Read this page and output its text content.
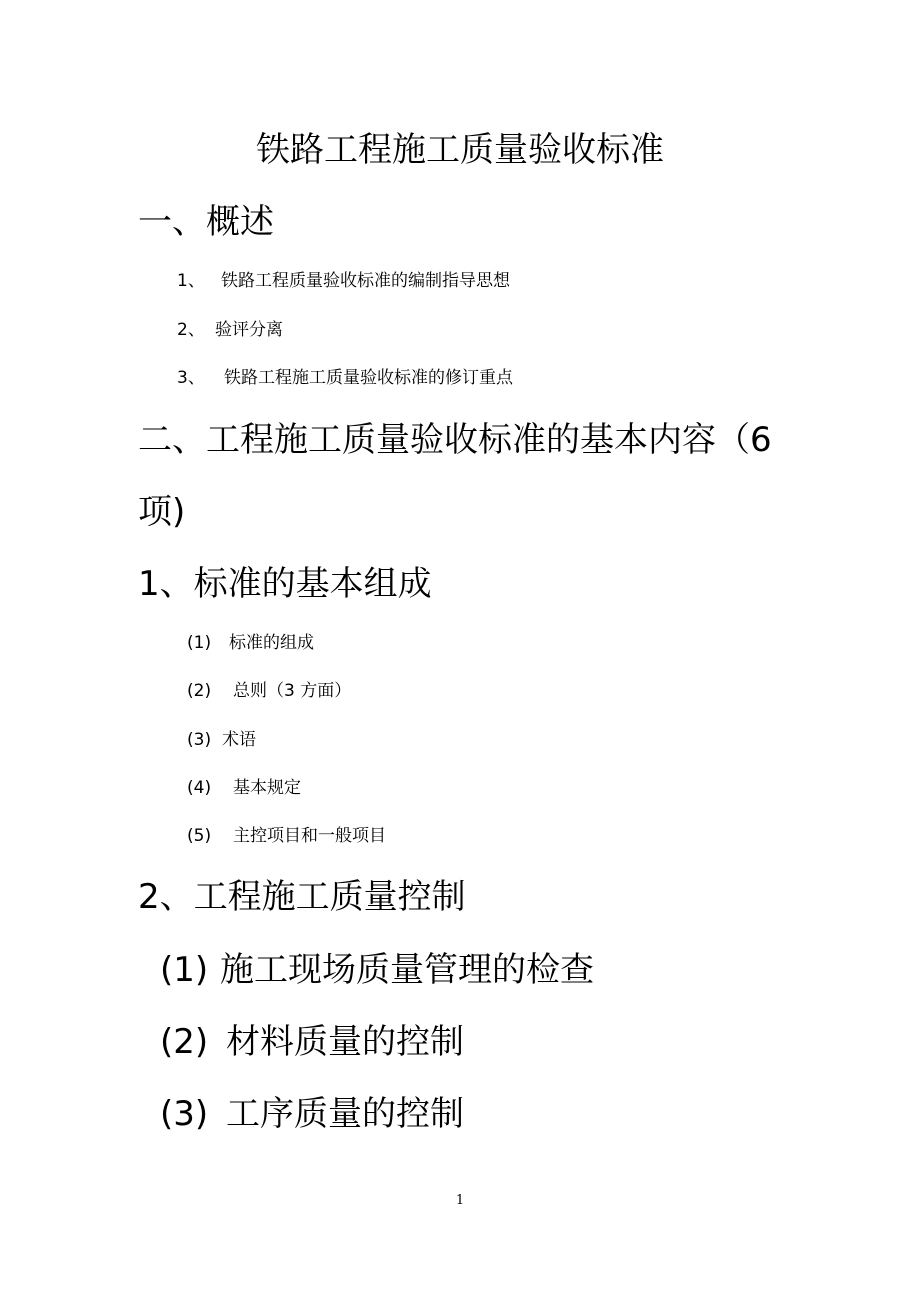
铁路工程施工质量验收标准
一、概述
1、 铁路工程质量验收标准的编制指导思想
2、 验评分离
3、 铁路工程施工质量验收标准的修订重点
二、工程施工质量验收标准的基本内容（6
项)
1、标准的基本组成
(1) 标准的组成
(2) 总则（3 方面）
(3) 术语
(4) 基本规定
(5) 主控项目和一般项目
2、工程施工质量控制
(1) 施工现场质量管理的检查
(2) 材料质量的控制
(3) 工序质量的控制
1
